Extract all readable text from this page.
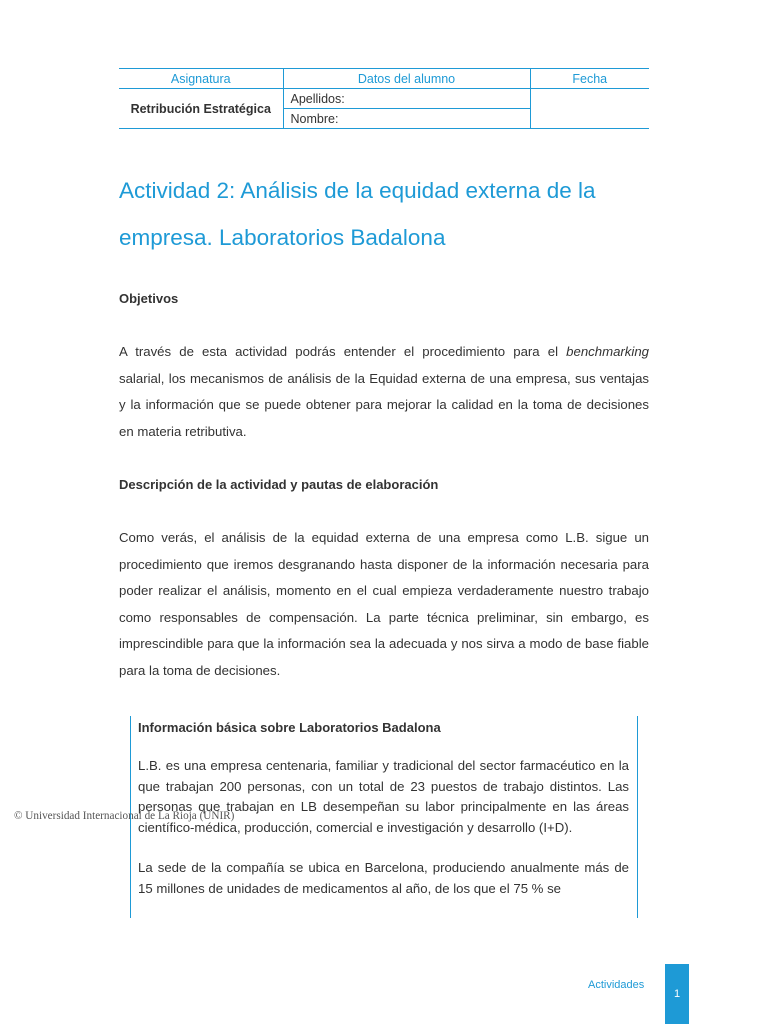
Asignatura	Datos del alumno	Fecha
Retribución Estratégica	Apellidos:	
	Nombre:	
Actividad 2: Análisis de la equidad externa de la
empresa. Laboratorios Badalona
Objetivos

A través de esta actividad podrás entender el procedimiento para el benchmarking salarial, los mecanismos de análisis de la Equidad externa de una empresa, sus ventajas y la información que se puede obtener para mejorar la calidad en la toma de decisiones en materia retributiva.

Descripción de la actividad y pautas de elaboración

Como verás, el análisis de la equidad externa de una empresa como L.B. sigue un procedimiento que iremos desgranando hasta disponer de la información necesaria para poder realizar el análisis, momento en el cual empieza verdaderamente nuestro trabajo como responsables de compensación. La parte técnica preliminar, sin embargo, es imprescindible para que la información sea la adecuada y nos sirva a modo de base fiable para la toma de decisiones.

Información básica sobre Laboratorios Badalona

L.B. es una empresa centenaria, familiar y tradicional del sector farmacéutico en la que trabajan 200 personas, con un total de 23 puestos de trabajo distintos. Las personas que trabajan en LB desempeñan su labor principalmente en las áreas científico-médica, producción, comercial e investigación y desarrollo (I+D).

La sede de la compañía se ubica en Barcelona, produciendo anualmente más de 15 millones de unidades de medicamentos al año, de los que el 75 % se

© Universidad Internacional de La Rioja (UNIR)
Actividades
1
